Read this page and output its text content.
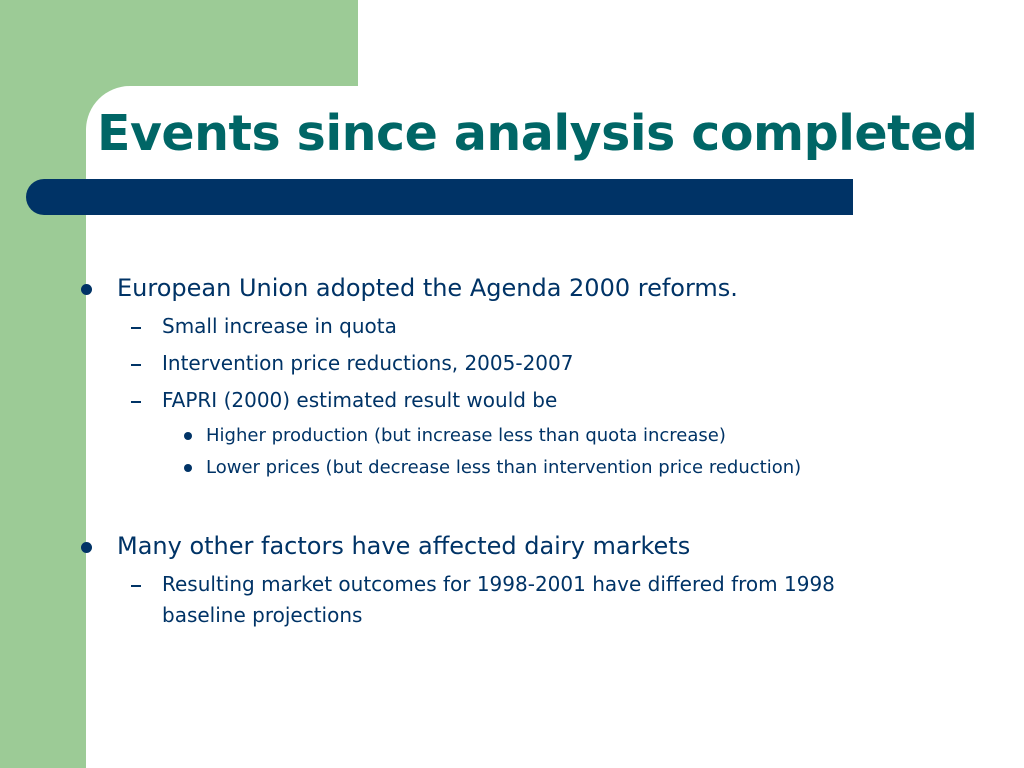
Events since analysis completed
European Union adopted the Agenda 2000 reforms.
Small increase in quota
Intervention price reductions, 2005-2007
FAPRI (2000) estimated result would be
Higher production (but increase less than quota increase)
Lower prices (but decrease less than intervention price reduction)
Many other factors have affected dairy markets
Resulting market outcomes for 1998-2001 have differed from 1998
baseline projections
